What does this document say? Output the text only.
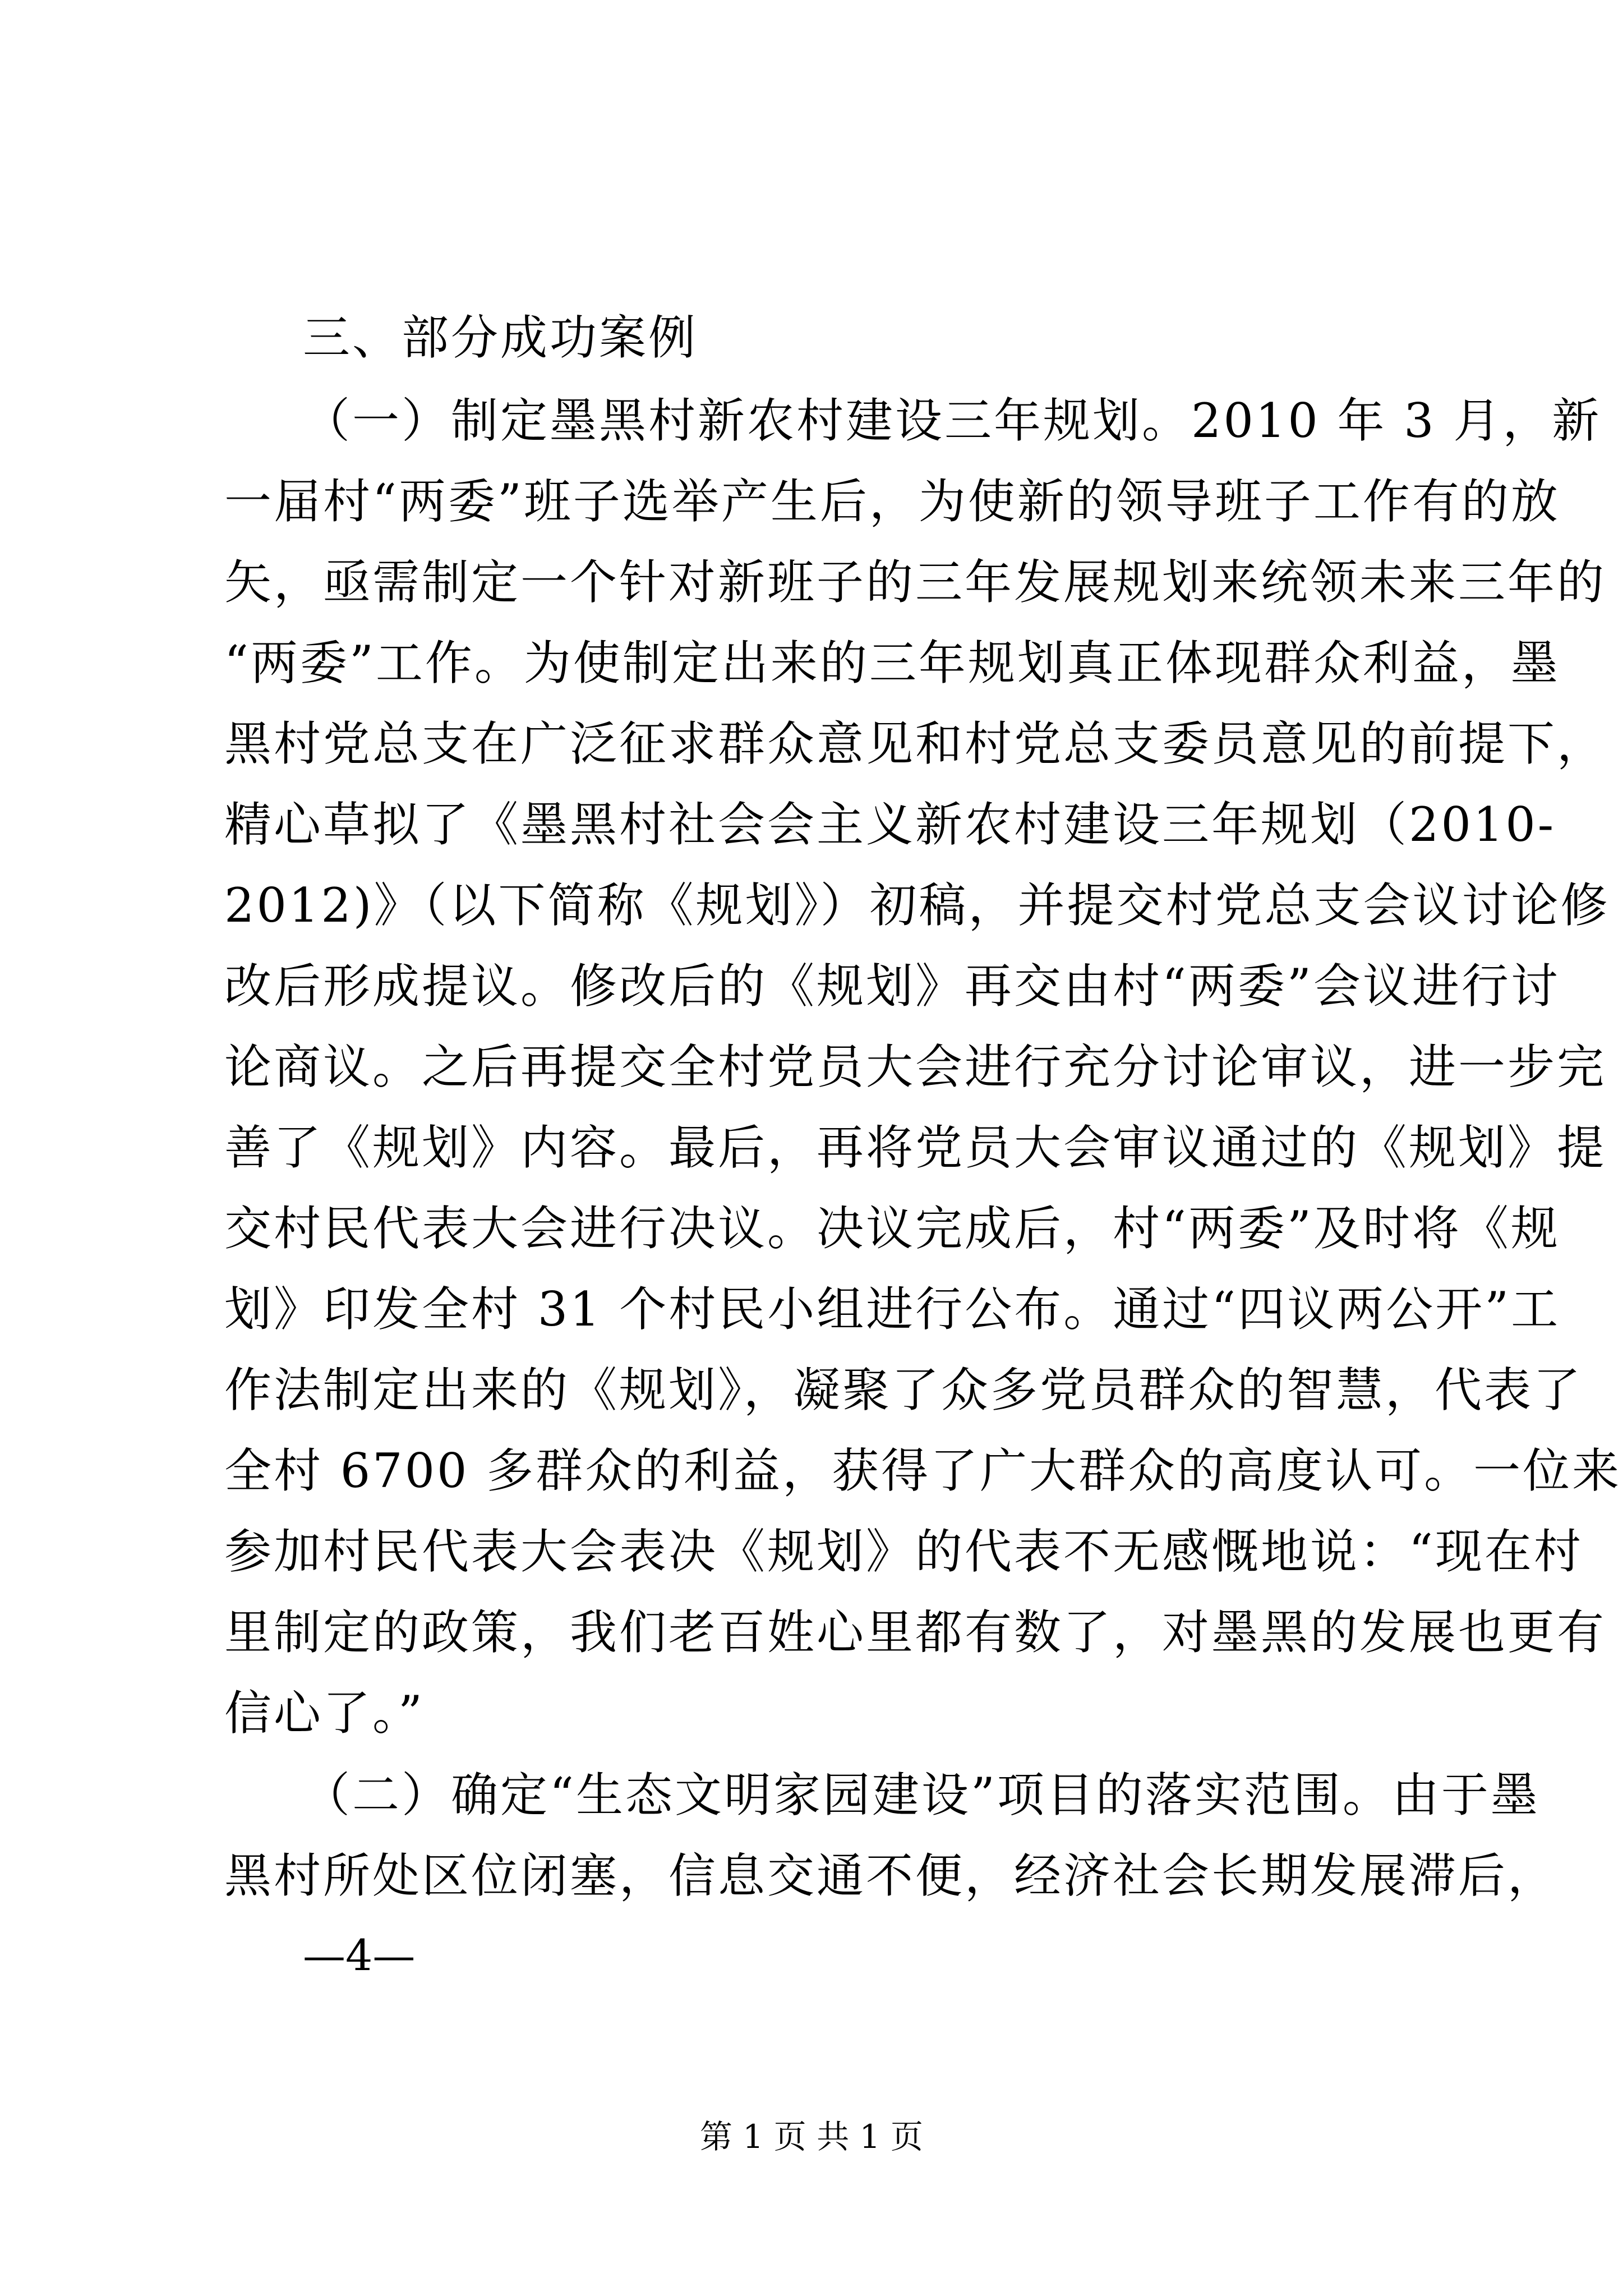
三、部分成功案例
（一）制定墨黑村新农村建设三年规划。2010 年 3 月，新
一届村“两委”班子选举产生后，为使新的领导班子工作有的放
矢，亟需制定一个针对新班子的三年发展规划来统领未来三年的
“两委”工作。为使制定出来的三年规划真正体现群众利益，墨
黑村党总支在广泛征求群众意见和村党总支委员意见的前提下，
精心草拟了《墨黑村社会会主义新农村建设三年规划（2010-
2012)》（以下简称《规划》）初稿，并提交村党总支会议讨论修
改后形成提议。修改后的《规划》再交由村“两委”会议进行讨
论商议。之后再提交全村党员大会进行充分讨论审议，进一步完
善了《规划》内容。最后，再将党员大会审议通过的《规划》提
交村民代表大会进行决议。决议完成后，村“两委”及时将《规
划》印发全村 31 个村民小组进行公布。通过“四议两公开”工
作法制定出来的《规划》，凝聚了众多党员群众的智慧，代表了
全村 6700 多群众的利益，获得了广大群众的高度认可。一位来
参加村民代表大会表决《规划》的代表不无感慨地说：“现在村
里制定的政策，我们老百姓心里都有数了，对墨黑的发展也更有
信心了。”
（二）确定“生态文明家园建设”项目的落实范围。由于墨
黑村所处区位闭塞，信息交通不便，经济社会长期发展滞后，
—4—
第 1 页 共 1 页
